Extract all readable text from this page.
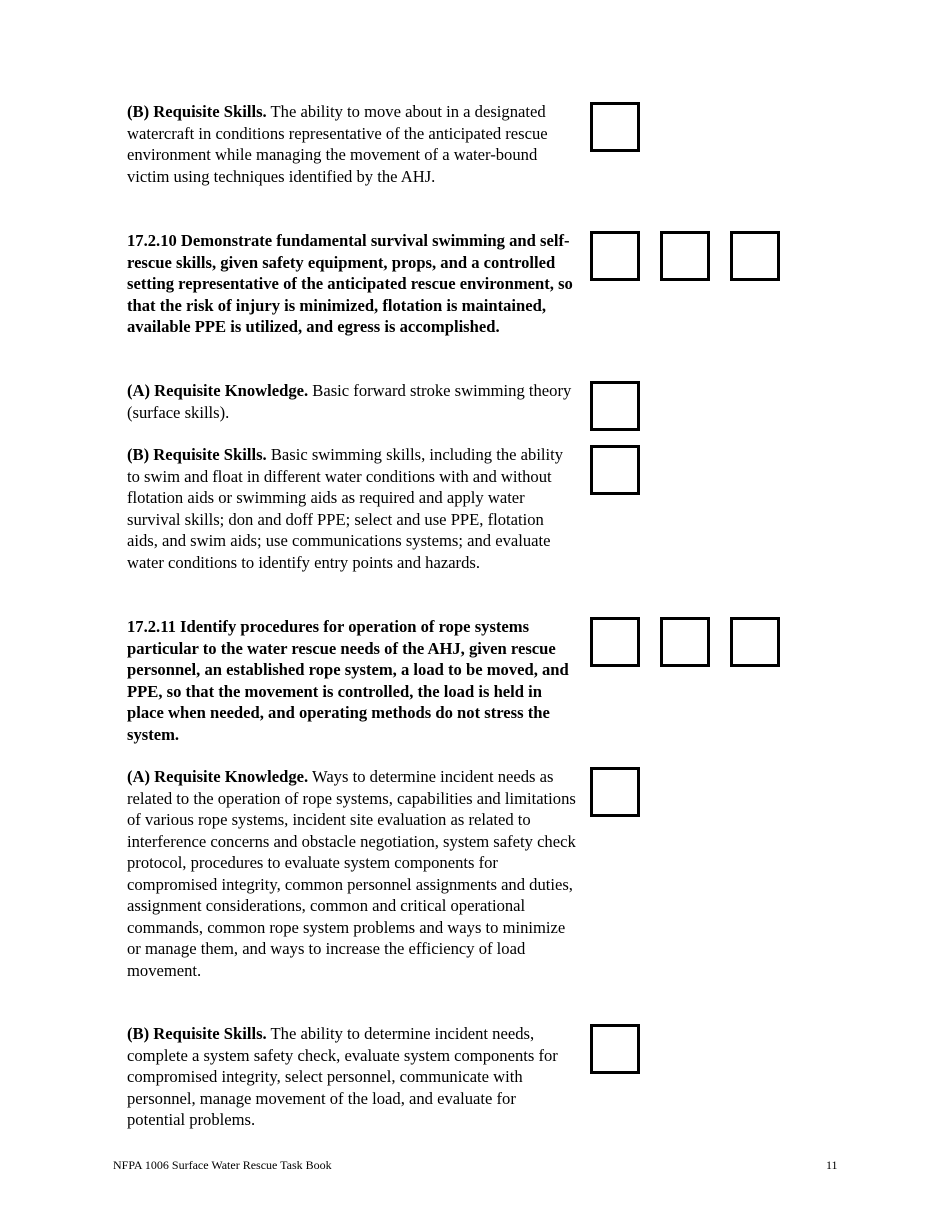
(B) Requisite Skills. The ability to move about in a designated watercraft in conditions representative of the anticipated rescue environment while managing the movement of a water-bound victim using techniques identified by the AHJ.
17.2.10 Demonstrate fundamental survival swimming and self-rescue skills, given safety equipment, props, and a controlled setting representative of the anticipated rescue environment, so that the risk of injury is minimized, flotation is maintained, available PPE is utilized, and egress is accomplished.
(A) Requisite Knowledge. Basic forward stroke swimming theory (surface skills).
(B) Requisite Skills. Basic swimming skills, including the ability to swim and float in different water conditions with and without flotation aids or swimming aids as required and apply water survival skills; don and doff PPE; select and use PPE, flotation aids, and swim aids; use communications systems; and evaluate water conditions to identify entry points and hazards.
17.2.11 Identify procedures for operation of rope systems particular to the water rescue needs of the AHJ, given rescue personnel, an established rope system, a load to be moved, and PPE, so that the movement is controlled, the load is held in place when needed, and operating methods do not stress the system.
(A) Requisite Knowledge. Ways to determine incident needs as related to the operation of rope systems, capabilities and limitations of various rope systems, incident site evaluation as related to interference concerns and obstacle negotiation, system safety check protocol, procedures to evaluate system components for compromised integrity, common personnel assignments and duties, assignment considerations, common and critical operational commands, common rope system problems and ways to minimize or manage them, and ways to increase the efficiency of load movement.
(B) Requisite Skills. The ability to determine incident needs, complete a system safety check, evaluate system components for compromised integrity, select personnel, communicate with personnel, manage movement of the load, and evaluate for potential problems.
NFPA 1006 Surface Water Rescue Task Book	11
